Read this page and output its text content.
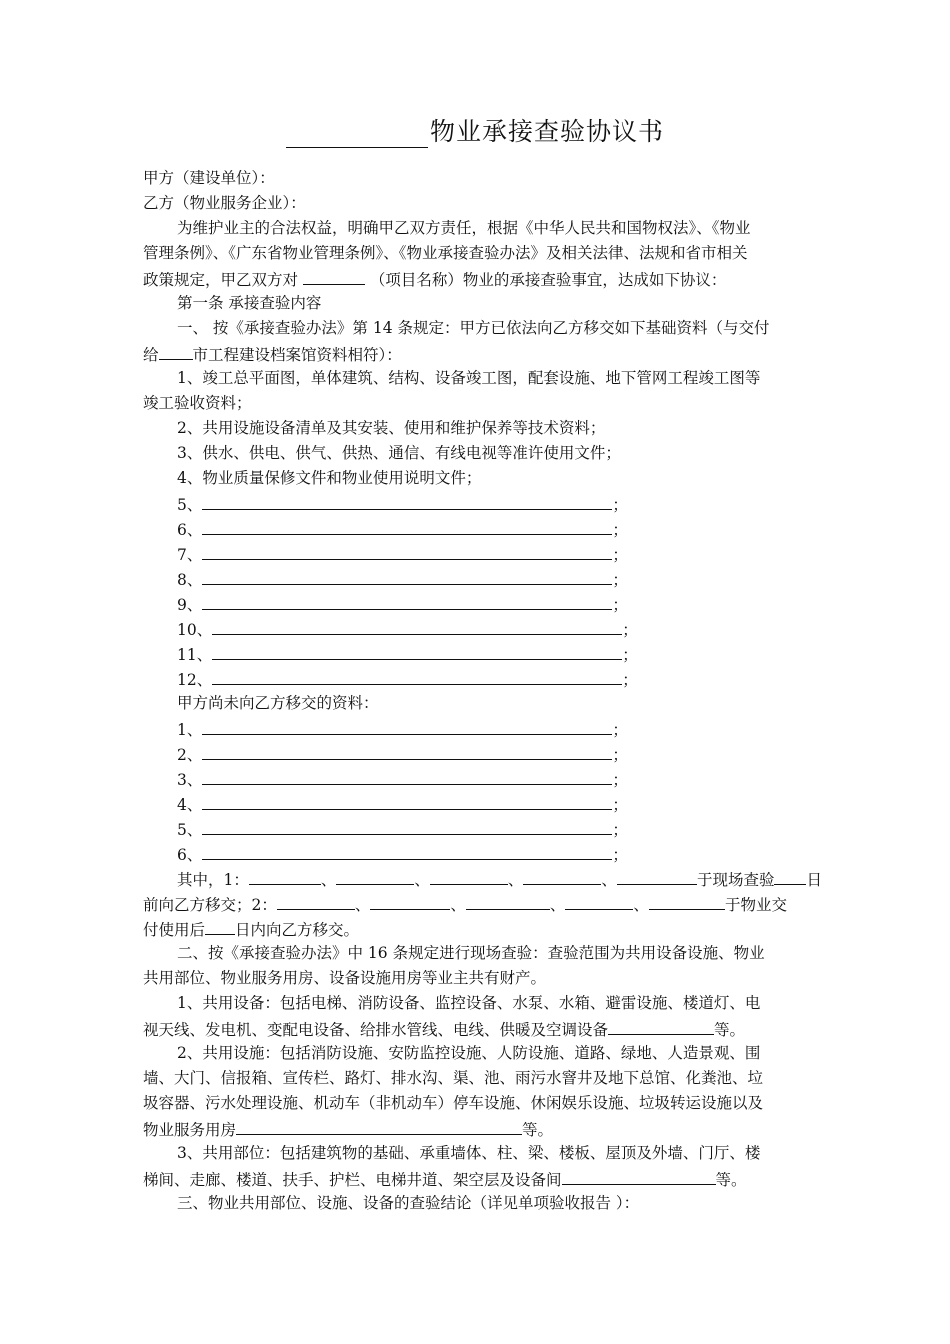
物业承接查验协议书
甲方（建设单位）：
乙方（物业服务企业）：
为维护业主的合法权益，明确甲乙双方责任，根据《中华人民共和国物权法》、《物业
管理条例》、《广东省物业管理条例》、《物业承接查验办法》及相关法律、法规和省市相关
政策规定，甲乙双方对	（项目名称）物业的承接查验事宜，达成如下协议：
第一条 承接查验内容
一、 按《承接查验办法》第 14 条规定：甲方已依法向乙方移交如下基础资料（与交付
给 市工程建设档案馆资料相符）：
1、竣工总平面图，单体建筑、结构、设备竣工图，配套设施、地下管网工程竣工图等
竣工验收资料；
2、共用设施设备清单及其安装、使用和维护保养等技术资料；
3、供水、供电、供气、供热、通信、有线电视等准许使用文件；
4、物业质量保修文件和物业使用说明文件；
5、	；
6、	；
7、	；
8、	；
9、	；
10、	；
11、	；
12、	；
甲方尚未向乙方移交的资料：
1、	；
2、	；
3、	；
4、	；
5、	；
6、	；
其中，1：	、	、	、	、	于现场查验 日
前向乙方移交；2：	、	、	、	、	于物业交
付使用后 日内向乙方移交。
二、按《承接查验办法》中 16 条规定进行现场查验：查验范围为共用设备设施、物业
共用部位、物业服务用房、设备设施用房等业主共有财产。
1、共用设备：包括电梯、消防设备、监控设备、水泵、水箱、避雷设施、楼道灯、电
视天线、发电机、变配电设备、给排水管线、电线、供暖及空调设备	等。
2、共用设施：包括消防设施、安防监控设施、人防设施、道路、绿地、人造景观、围
墙、大门、信报箱、宣传栏、路灯、排水沟、渠、池、雨污水窨井及地下总馆、化粪池、垃
圾容器、污水处理设施、机动车（非机动车）停车设施、休闲娱乐设施、垃圾转运设施以及
物业服务用房	等。
3、共用部位：包括建筑物的基础、承重墙体、柱、梁、楼板、屋顶及外墙、门厅、楼
梯间、走廊、楼道、扶手、护栏、电梯井道、架空层及设备间	等。
三、物业共用部位、设施、设备的查验结论（详见单项验收报告 ）：
